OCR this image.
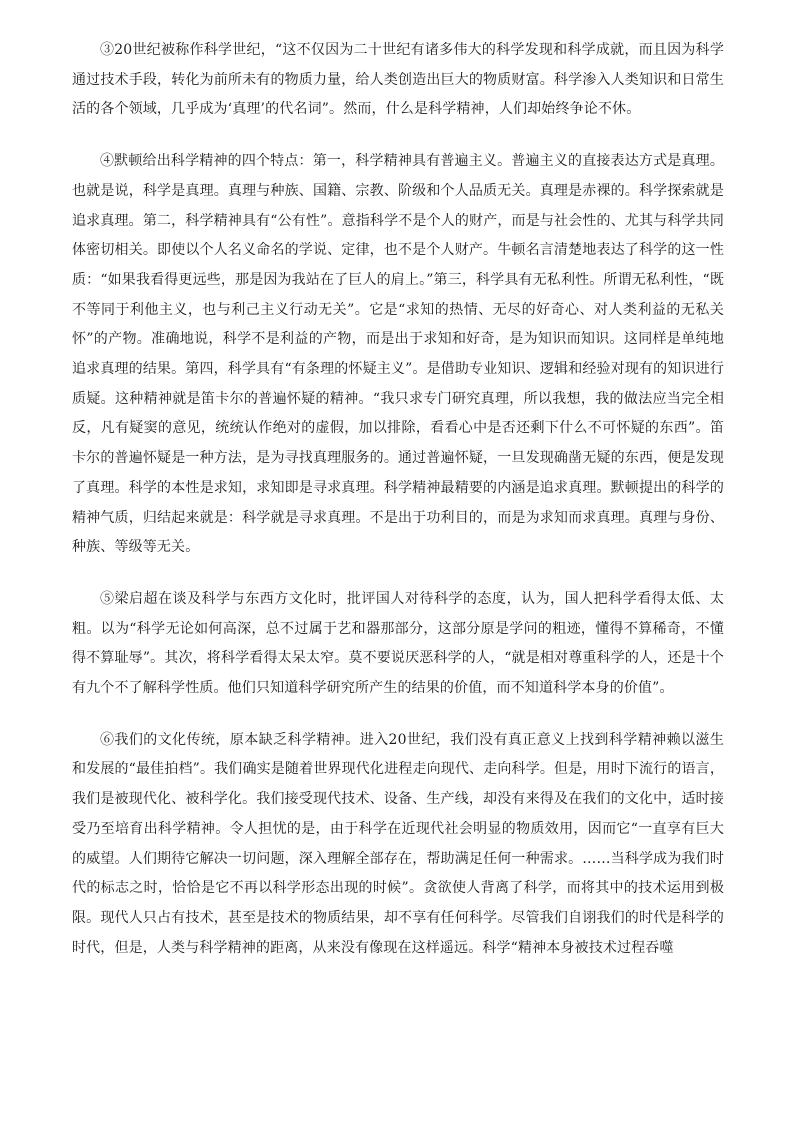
③20世纪被称作科学世纪，“这不仅因为二十世纪有诸多伟大的科学发现和科学成就，而且因为科学通过技术手段，转化为前所未有的物质力量，给人类创造出巨大的物质财富。科学渗入人类知识和日常生活的各个领域，几乎成为‘真理’的代名词”。然而，什么是科学精神，人们却始终争论不休。

④默顿给出科学精神的四个特点：第一，科学精神具有普遍主义。普遍主义的直接表达方式是真理。也就是说，科学是真理。真理与种族、国籍、宗教、阶级和个人品质无关。真理是赤裸的。科学探索就是追求真理。第二，科学精神具有“公有性”。意指科学不是个人的财产，而是与社会性的、尤其与科学共同体密切相关。即使以个人名义命名的学说、定律，也不是个人财产。牛顿名言清楚地表达了科学的这一性质：“如果我看得更远些，那是因为我站在了巨人的肩上。”第三，科学具有无私利性。所谓无私利性，“既不等同于利他主义，也与利己主义行动无关”。它是“求知的热情、无尽的好奇心、对人类利益的无私关怀”的产物。准确地说，科学不是利益的产物，而是出于求知和好奇，是为知识而知识。这同样是单纯地追求真理的结果。第四，科学具有“有条理的怀疑主义”。是借助专业知识、逻辑和经验对现有的知识进行质疑。这种精神就是笛卡尔的普遍怀疑的精神。“我只求专门研究真理，所以我想，我的做法应当完全相反，凡有疑窦的意见，统统认作绝对的虚假，加以排除，看看心中是否还剩下什么不可怀疑的东西”。笛卡尔的普遍怀疑是一种方法，是为寻找真理服务的。通过普遍怀疑，一旦发现确凿无疑的东西，便是发现了真理。科学的本性是求知，求知即是寻求真理。科学精神最精要的内涵是追求真理。默顿提出的科学的精神气质，归结起来就是：科学就是寻求真理。不是出于功利目的，而是为求知而求真理。真理与身份、种族、等级等无关。

⑤梁启超在谈及科学与东西方文化时，批评国人对待科学的态度，认为，国人把科学看得太低、太粗。以为“科学无论如何高深，总不过属于艺和器那部分，这部分原是学问的粗迹，懂得不算稀奇，不懂得不算耻辱”。其次，将科学看得太呆太窄。莫不要说厌恶科学的人，“就是相对尊重科学的人，还是十个有九个不了解科学性质。他们只知道科学研究所产生的结果的价值，而不知道科学本身的价值”。

⑥我们的文化传统，原本缺乏科学精神。进入20世纪，我们没有真正意义上找到科学精神赖以滋生和发展的“最佳拍档”。我们确实是随着世界现代化进程走向现代、走向科学。但是，用时下流行的语言，我们是被现代化、被科学化。我们接受现代技术、设备、生产线，却没有来得及在我们的文化中，适时接受乃至培育出科学精神。令人担忧的是，由于科学在近现代社会明显的物质效用，因而它“一直享有巨大的威望。人们期待它解决一切问题，深入理解全部存在，帮助满足任何一种需求。……当科学成为我们时代的标志之时，恰恰是它不再以科学形态出现的时候”。贪欲使人背离了科学，而将其中的技术运用到极限。现代人只占有技术，甚至是技术的物质结果，却不享有任何科学。尽管我们自诩我们的时代是科学的时代，但是，人类与科学精神的距离，从来没有像现在这样遥远。科学“精神本身被技术过程吞噬
